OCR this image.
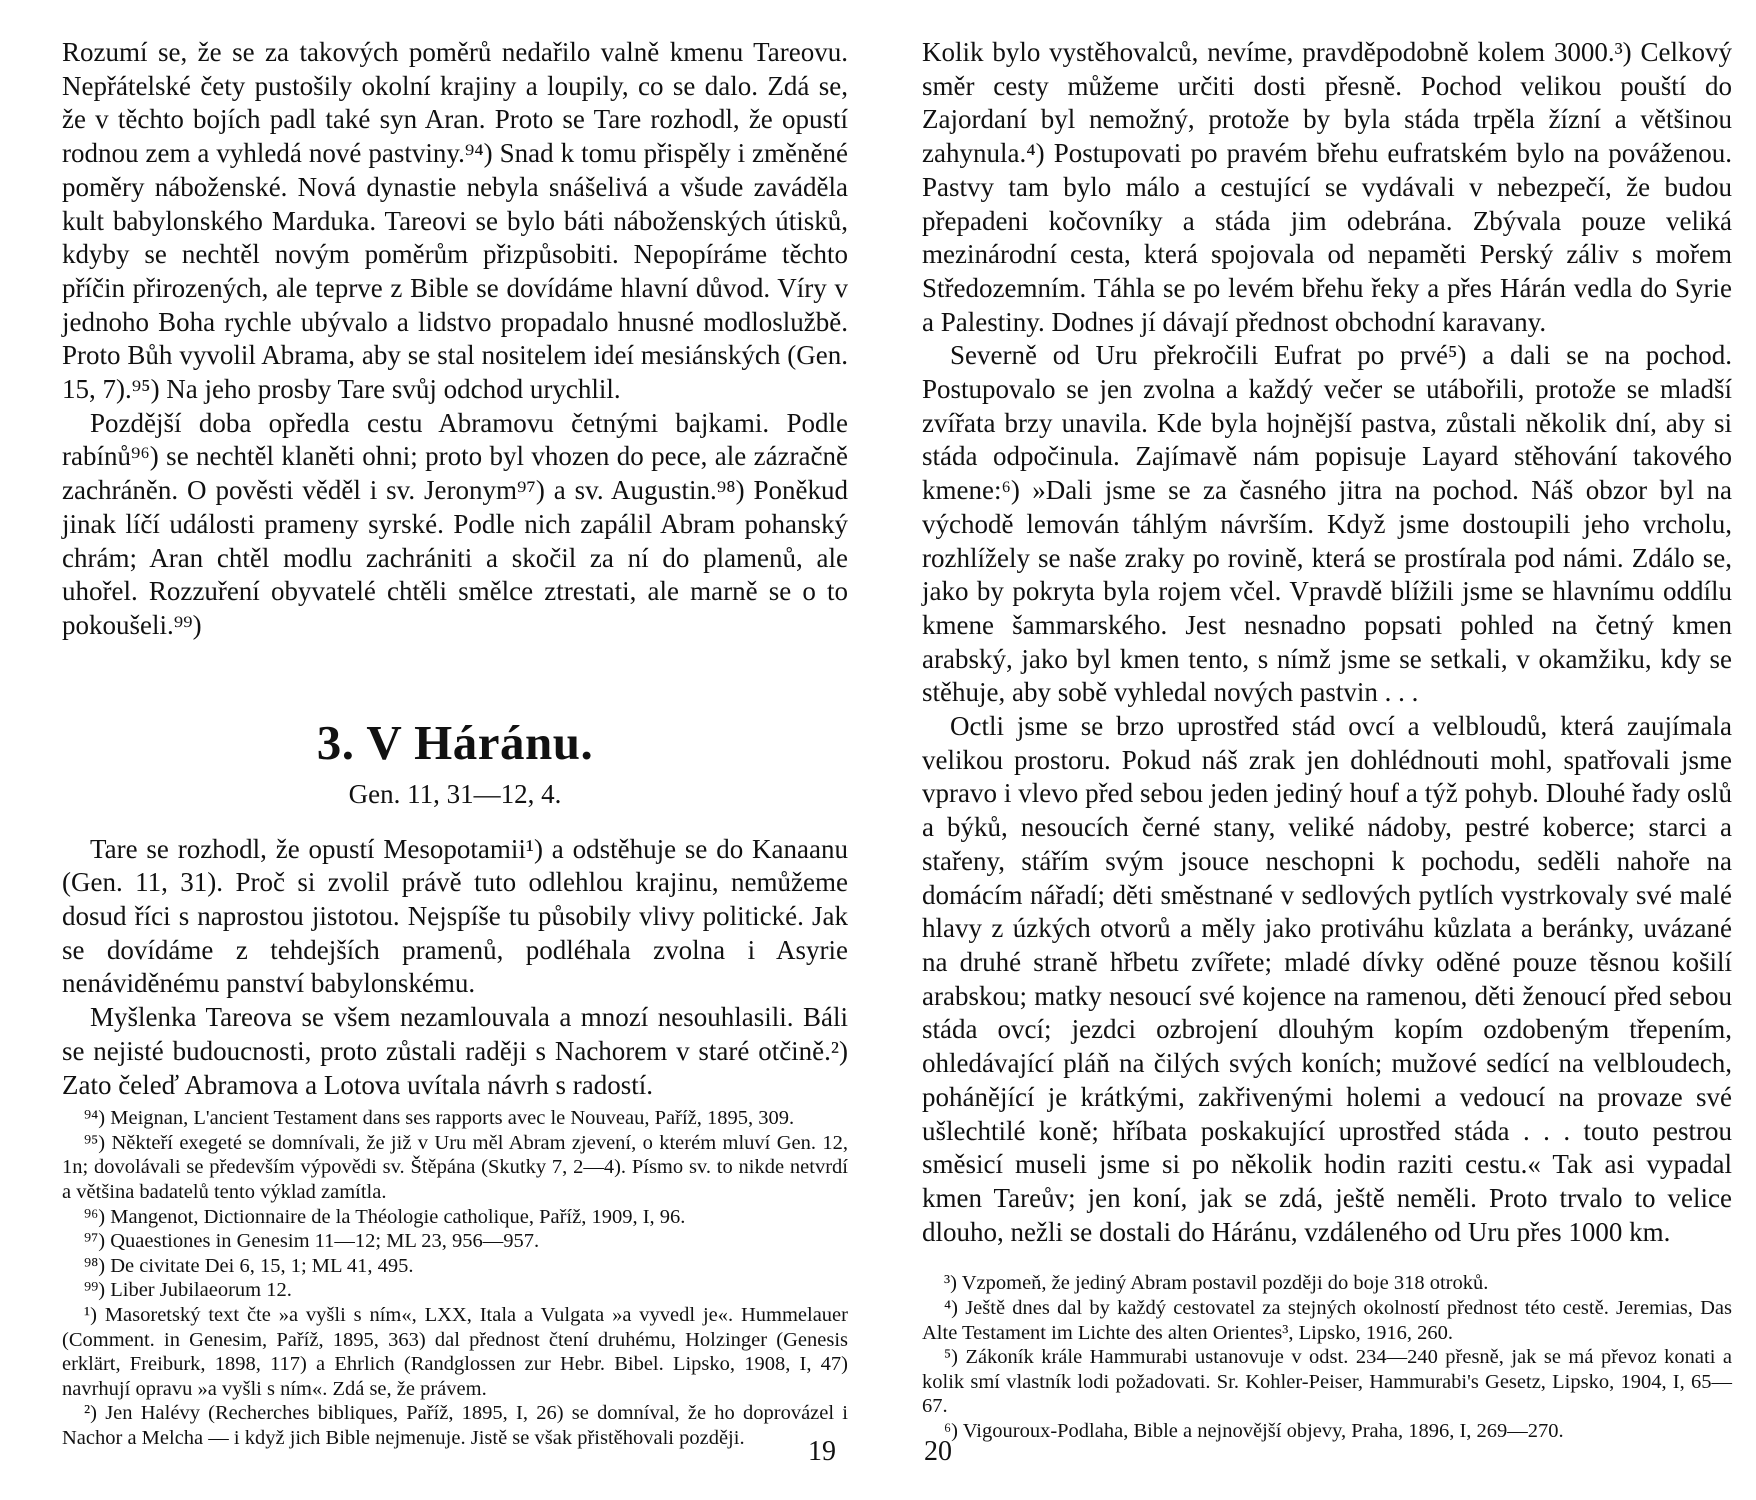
Rozumí se, že se za takových poměrů nedařilo valně kmenu Tareovu. Nepřátelské čety pustošily okolní krajiny a loupily, co se dalo. Zdá se, že v těchto bojích padl také syn Aran. Proto se Tare rozhodl, že opustí rodnou zem a vyhledá nové pastviny.⁹⁴) Snad k tomu přispěly i změněné poměry náboženské. Nová dynastie nebyla snášelivá a všude zaváděla kult babylonského Marduka. Tareovi se bylo báti náboženských útisků, kdyby se nechtěl novým poměrům přizpůsobiti. Nepopíráme těchto příčin přirozených, ale teprve z Bible se dovídáme hlavní důvod. Víry v jednoho Boha rychle ubývalo a lidstvo propadalo hnusné modloslužbě. Proto Bůh vyvolil Abrama, aby se stal nositelem ideí mesiánských (Gen. 15, 7).⁹⁵) Na jeho prosby Tare svůj odchod urychlil.

Pozdější doba opředla cestu Abramovu četnými bajkami. Podle rabínů⁹⁶) se nechtěl klaněti ohni; proto byl vhozen do pece, ale zázračně zachráněn. O pověsti věděl i sv. Jeronym⁹⁷) a sv. Augustin.⁹⁸) Poněkud jinak líčí události prameny syrské. Podle nich zapálil Abram pohanský chrám; Aran chtěl modlu zachrániti a skočil za ní do plamenů, ale uhořel. Rozzuření obyvatelé chtěli smělce ztrestati, ale marně se o to pokoušeli.⁹⁹)

3. V Háránu.
Gen. 11, 31—12, 4.

Tare se rozhodl, že opustí Mesopotamii¹) a odstěhuje se do Kanaanu (Gen. 11, 31). Proč si zvolil právě tuto odlehlou krajinu, nemůžeme dosud říci s naprostou jistotou. Nejspíše tu působily vlivy politické. Jak se dovídáme z tehdejších pramenů, podléhala zvolna i Asyrie nenáviděnému panství babylonskému.

Myšlenka Tareova se všem nezamlouvala a mnozí nesouhlasili. Báli se nejisté budoucnosti, proto zůstali raději s Nachorem v staré otčině.²) Zato čeleď Abramova a Lotova uvítala návrh s radostí.

⁹⁴) Meignan, L'ancient Testament dans ses rapports avec le Nouveau, Paříž, 1895, 309.

⁹⁵) Někteří exegeté se domnívali, že již v Uru měl Abram zjevení, o kterém mluví Gen. 12, 1n; dovolávali se především výpovědi sv. Štěpána (Skutky 7, 2—4). Písmo sv. to nikde netvrdí a většina badatelů tento výklad zamítla.

⁹⁶) Mangenot, Dictionnaire de la Théologie catholique, Paříž, 1909, I, 96.

⁹⁷) Quaestiones in Genesim 11—12; ML 23, 956—957.

⁹⁸) De civitate Dei 6, 15, 1; ML 41, 495.

⁹⁹) Liber Jubilaeorum 12.

¹) Masoretský text čte »a vyšli s ním«, LXX, Itala a Vulgata »a vyvedl je«. Hummelauer (Comment. in Genesim, Paříž, 1895, 363) dal přednost čtení druhému, Holzinger (Genesis erklärt, Freiburk, 1898, 117) a Ehrlich (Randglossen zur Hebr. Bibel. Lipsko, 1908, I, 47) navrhují opravu »a vyšli s ním«. Zdá se, že právem.

²) Jen Halévy (Recherches bibliques, Paříž, 1895, I, 26) se domníval, že ho doprovázel i Nachor a Melcha — i když jich Bible nejmenuje. Jistě se však přistěhovali později.	19

Kolik bylo vystěhovalců, nevíme, pravděpodobně kolem 3000.³) Celkový směr cesty můžeme určiti dosti přesně. Pochod velikou pouští do Zajordaní byl nemožný, protože by byla stáda trpěla žízní a většinou zahynula.⁴) Postupovati po pravém břehu eufratském bylo na pováženou. Pastvy tam bylo málo a cestující se vydávali v nebezpečí, že budou přepadeni kočovníky a stáda jim odebrána. Zbývala pouze veliká mezinárodní cesta, která spojovala od nepaměti Perský záliv s mořem Středozemním. Táhla se po levém břehu řeky a přes Hárán vedla do Syrie a Palestiny. Dodnes jí dávají přednost obchodní karavany.

Severně od Uru překročili Eufrat po prvé⁵) a dali se na pochod. Postupovalo se jen zvolna a každý večer se utábořili, protože se mladší zvířata brzy unavila. Kde byla hojnější pastva, zůstali několik dní, aby si stáda odpočinula. Zajímavě nám popisuje Layard stěhování takového kmene:⁶) »Dali jsme se za časného jitra na pochod. Náš obzor byl na východě lemován táhlým návrším. Když jsme dostoupili jeho vrcholu, rozhlížely se naše zraky po rovině, která se prostírala pod námi. Zdálo se, jako by pokryta byla rojem včel. Vpravdě blížili jsme se hlavnímu oddílu kmene šammarského. Jest nesnadno popsati pohled na četný kmen arabský, jako byl kmen tento, s nímž jsme se setkali, v okamžiku, kdy se stěhuje, aby sobě vyhledal nových pastvin . . .

Octli jsme se brzo uprostřed stád ovcí a velbloudů, která zaujímala velikou prostoru. Pokud náš zrak jen dohlédnouti mohl, spatřovali jsme vpravo i vlevo před sebou jeden jediný houf a týž pohyb. Dlouhé řady oslů a býků, nesoucích černé stany, veliké nádoby, pestré koberce; starci a stařeny, stářím svým jsouce neschopni k pochodu, seděli nahoře na domácím nářadí; děti směstnané v sedlových pytlích vystrkovaly své malé hlavy z úzkých otvorů a měly jako protiváhu kůzlata a beránky, uvázané na druhé straně hřbetu zvířete; mladé dívky oděné pouze těsnou košilí arabskou; matky nesoucí své kojence na ramenou, děti ženoucí před sebou stáda ovcí; jezdci ozbrojení dlouhým kopím ozdobeným třepením, ohledávající pláň na čilých svých koních; mužové sedící na velbloudech, pohánějící je krátkými, zakřivenými holemi a vedoucí na provaze své ušlechtilé koně; hříbata poskakující uprostřed stáda . . . touto pestrou směsicí museli jsme si po několik hodin raziti cestu.« Tak asi vypadal kmen Tareův; jen koní, jak se zdá, ještě neměli. Proto trvalo to velice dlouho, nežli se dostali do Háránu, vzdáleného od Uru přes 1000 km.

³) Vzpomeň, že jediný Abram postavil později do boje 318 otroků.

⁴) Ještě dnes dal by každý cestovatel za stejných okolností přednost této cestě. Jeremias, Das Alte Testament im Lichte des alten Orientes³, Lipsko, 1916, 260.

⁵) Zákoník krále Hammurabi ustanovuje v odst. 234—240 přesně, jak se má převoz konati a kolik smí vlastník lodi požadovati. Sr. Kohler-Peiser, Hammurabi's Gesetz, Lipsko, 1904, I, 65—67.

⁶) Vigouroux-Podlaha, Bible a nejnovější objevy, Praha, 1896, I, 269—270.

20
